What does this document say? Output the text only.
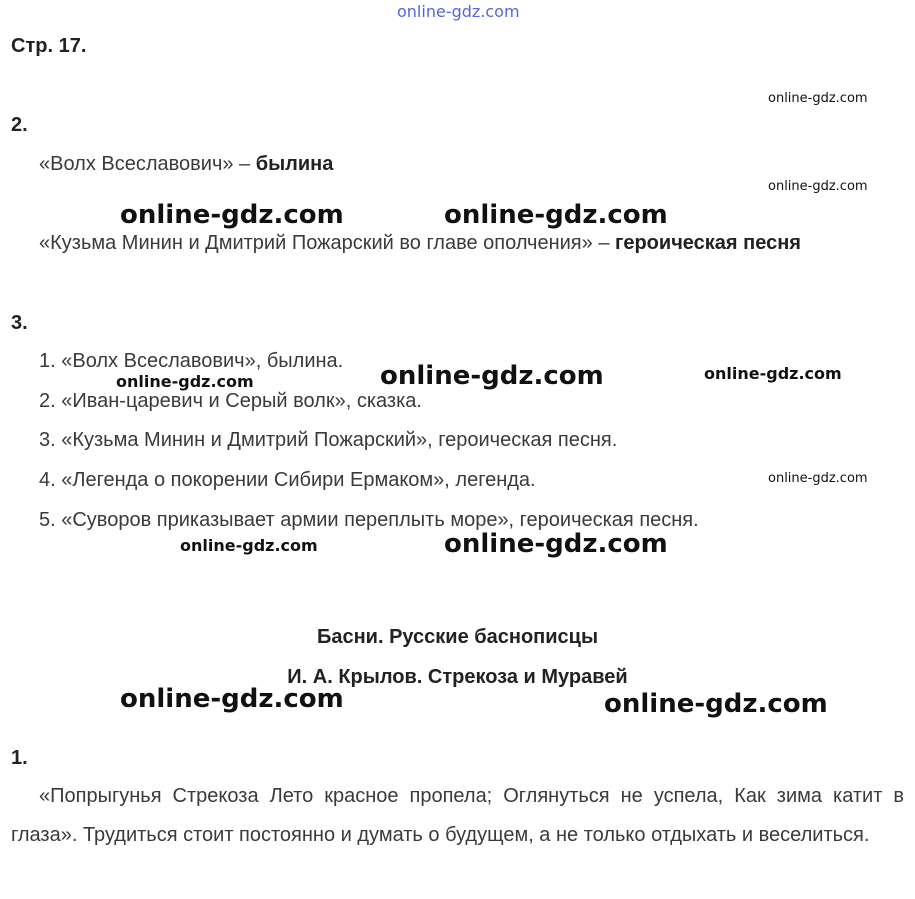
online-gdz.com
Стр. 17.
2.
«Волх Всеславович» – былина
«Кузьма Минин и Дмитрий Пожарский во главе ополчения» – героическая песня
3.
1. «Волх Всеславович», былина.
2. «Иван-царевич и Серый волк», сказка.
3. «Кузьма Минин и Дмитрий Пожарский», героическая песня.
4. «Легенда о покорении Сибири Ермаком», легенда.
5. «Суворов приказывает армии переплыть море», героическая песня.
Басни. Русские баснописцы
И. А. Крылов. Стрекоза и Муравей
1.
«Попрыгунья Стрекоза Лето красное пропела; Оглянуться не успела, Как зима катит в глаза». Трудиться стоит постоянно и думать о будущем, а не только отдыхать и веселиться.
online-gdz.com
online-gdz.com
online-gdz.com	online-gdz.com
online-gdz.com	online-gdz.com	online-gdz.com
online-gdz.com
online-gdz.com	online-gdz.com
online-gdz.com	online-gdz.com
